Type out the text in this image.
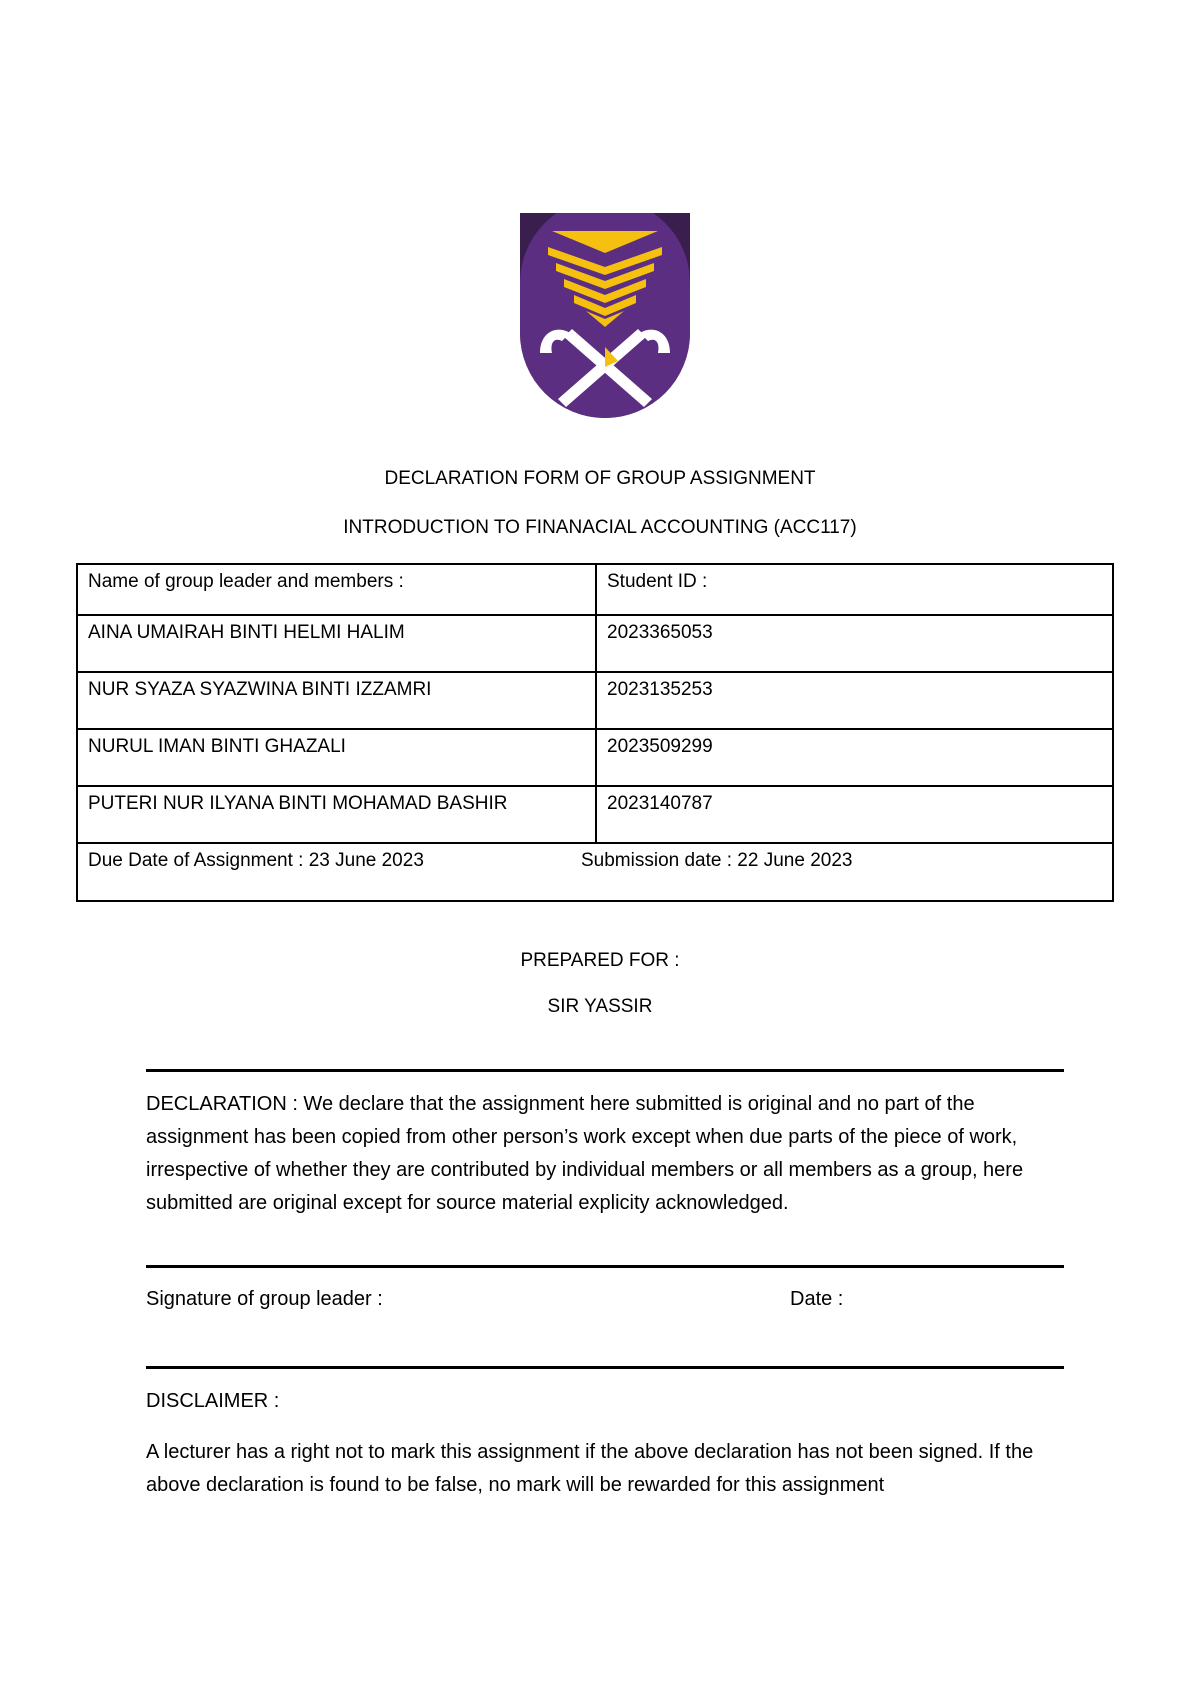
DECLARATION FORM OF GROUP ASSIGNMENT
INTRODUCTION TO FINANACIAL ACCOUNTING (ACC117)
Name of group leader and members :	Student ID :
AINA UMAIRAH BINTI HELMI HALIM	2023365053
NUR SYAZA SYAZWINA BINTI IZZAMRI	2023135253
NURUL IMAN BINTI GHAZALI	2023509299
PUTERI NUR ILYANA BINTI MOHAMAD BASHIR	2023140787

Due Date of Assignment : 23 June 2023 Submission date : 22 June 2023	
PREPARED FOR :
SIR YASSIR
DECLARATION : We declare that the assignment here submitted is original and no part of the assignment has been copied from other person’s work except when due parts of the piece of work, irrespective of whether they are contributed by individual members or all members as a group, here submitted are original except for source material explicity acknowledged.
Signature of group leader :	Date :
DISCLAIMER :
A lecturer has a right not to mark this assignment if the above declaration has not been signed. If the above declaration is found to be false, no mark will be rewarded for this assignment
